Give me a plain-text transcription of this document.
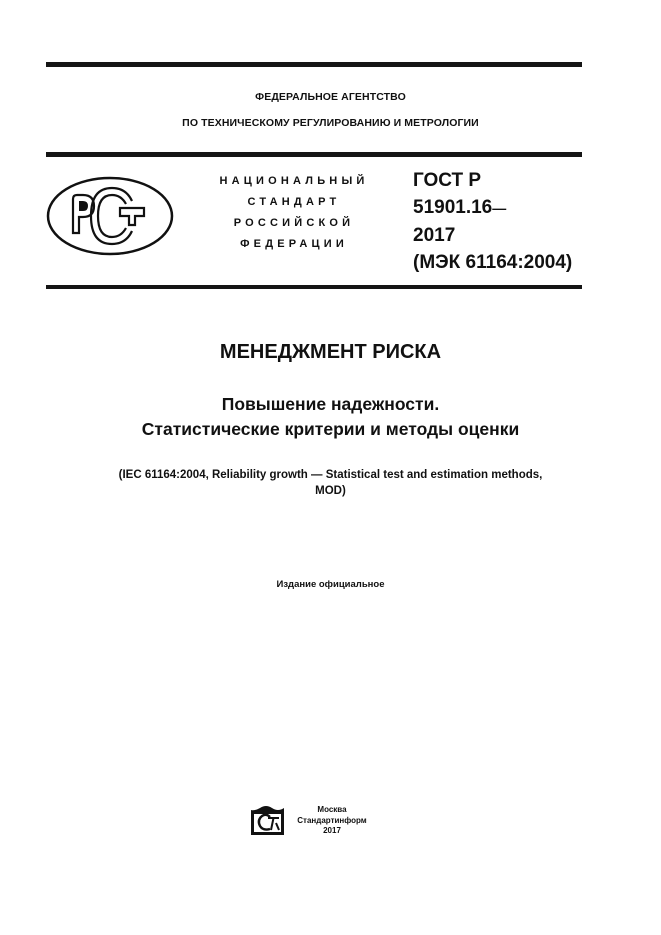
ФЕДЕРАЛЬНОЕ АГЕНТСТВО
ПО ТЕХНИЧЕСКОМУ РЕГУЛИРОВАНИЮ И МЕТРОЛОГИИ
НАЦИОНАЛЬНЫЙ
СТАНДАРТ
РОССИЙСКОЙ
ФЕДЕРАЦИИ
ГОСТ Р
51901.16—
2017
(МЭК 61164:2004)
МЕНЕДЖМЕНТ РИСКА
Повышение надежности.
Статистические критерии и методы оценки
(IEC 61164:2004, Reliability growth — Statistical test and estimation methods,
MOD)
Издание официальное
Москва
Стандартинформ
2017
